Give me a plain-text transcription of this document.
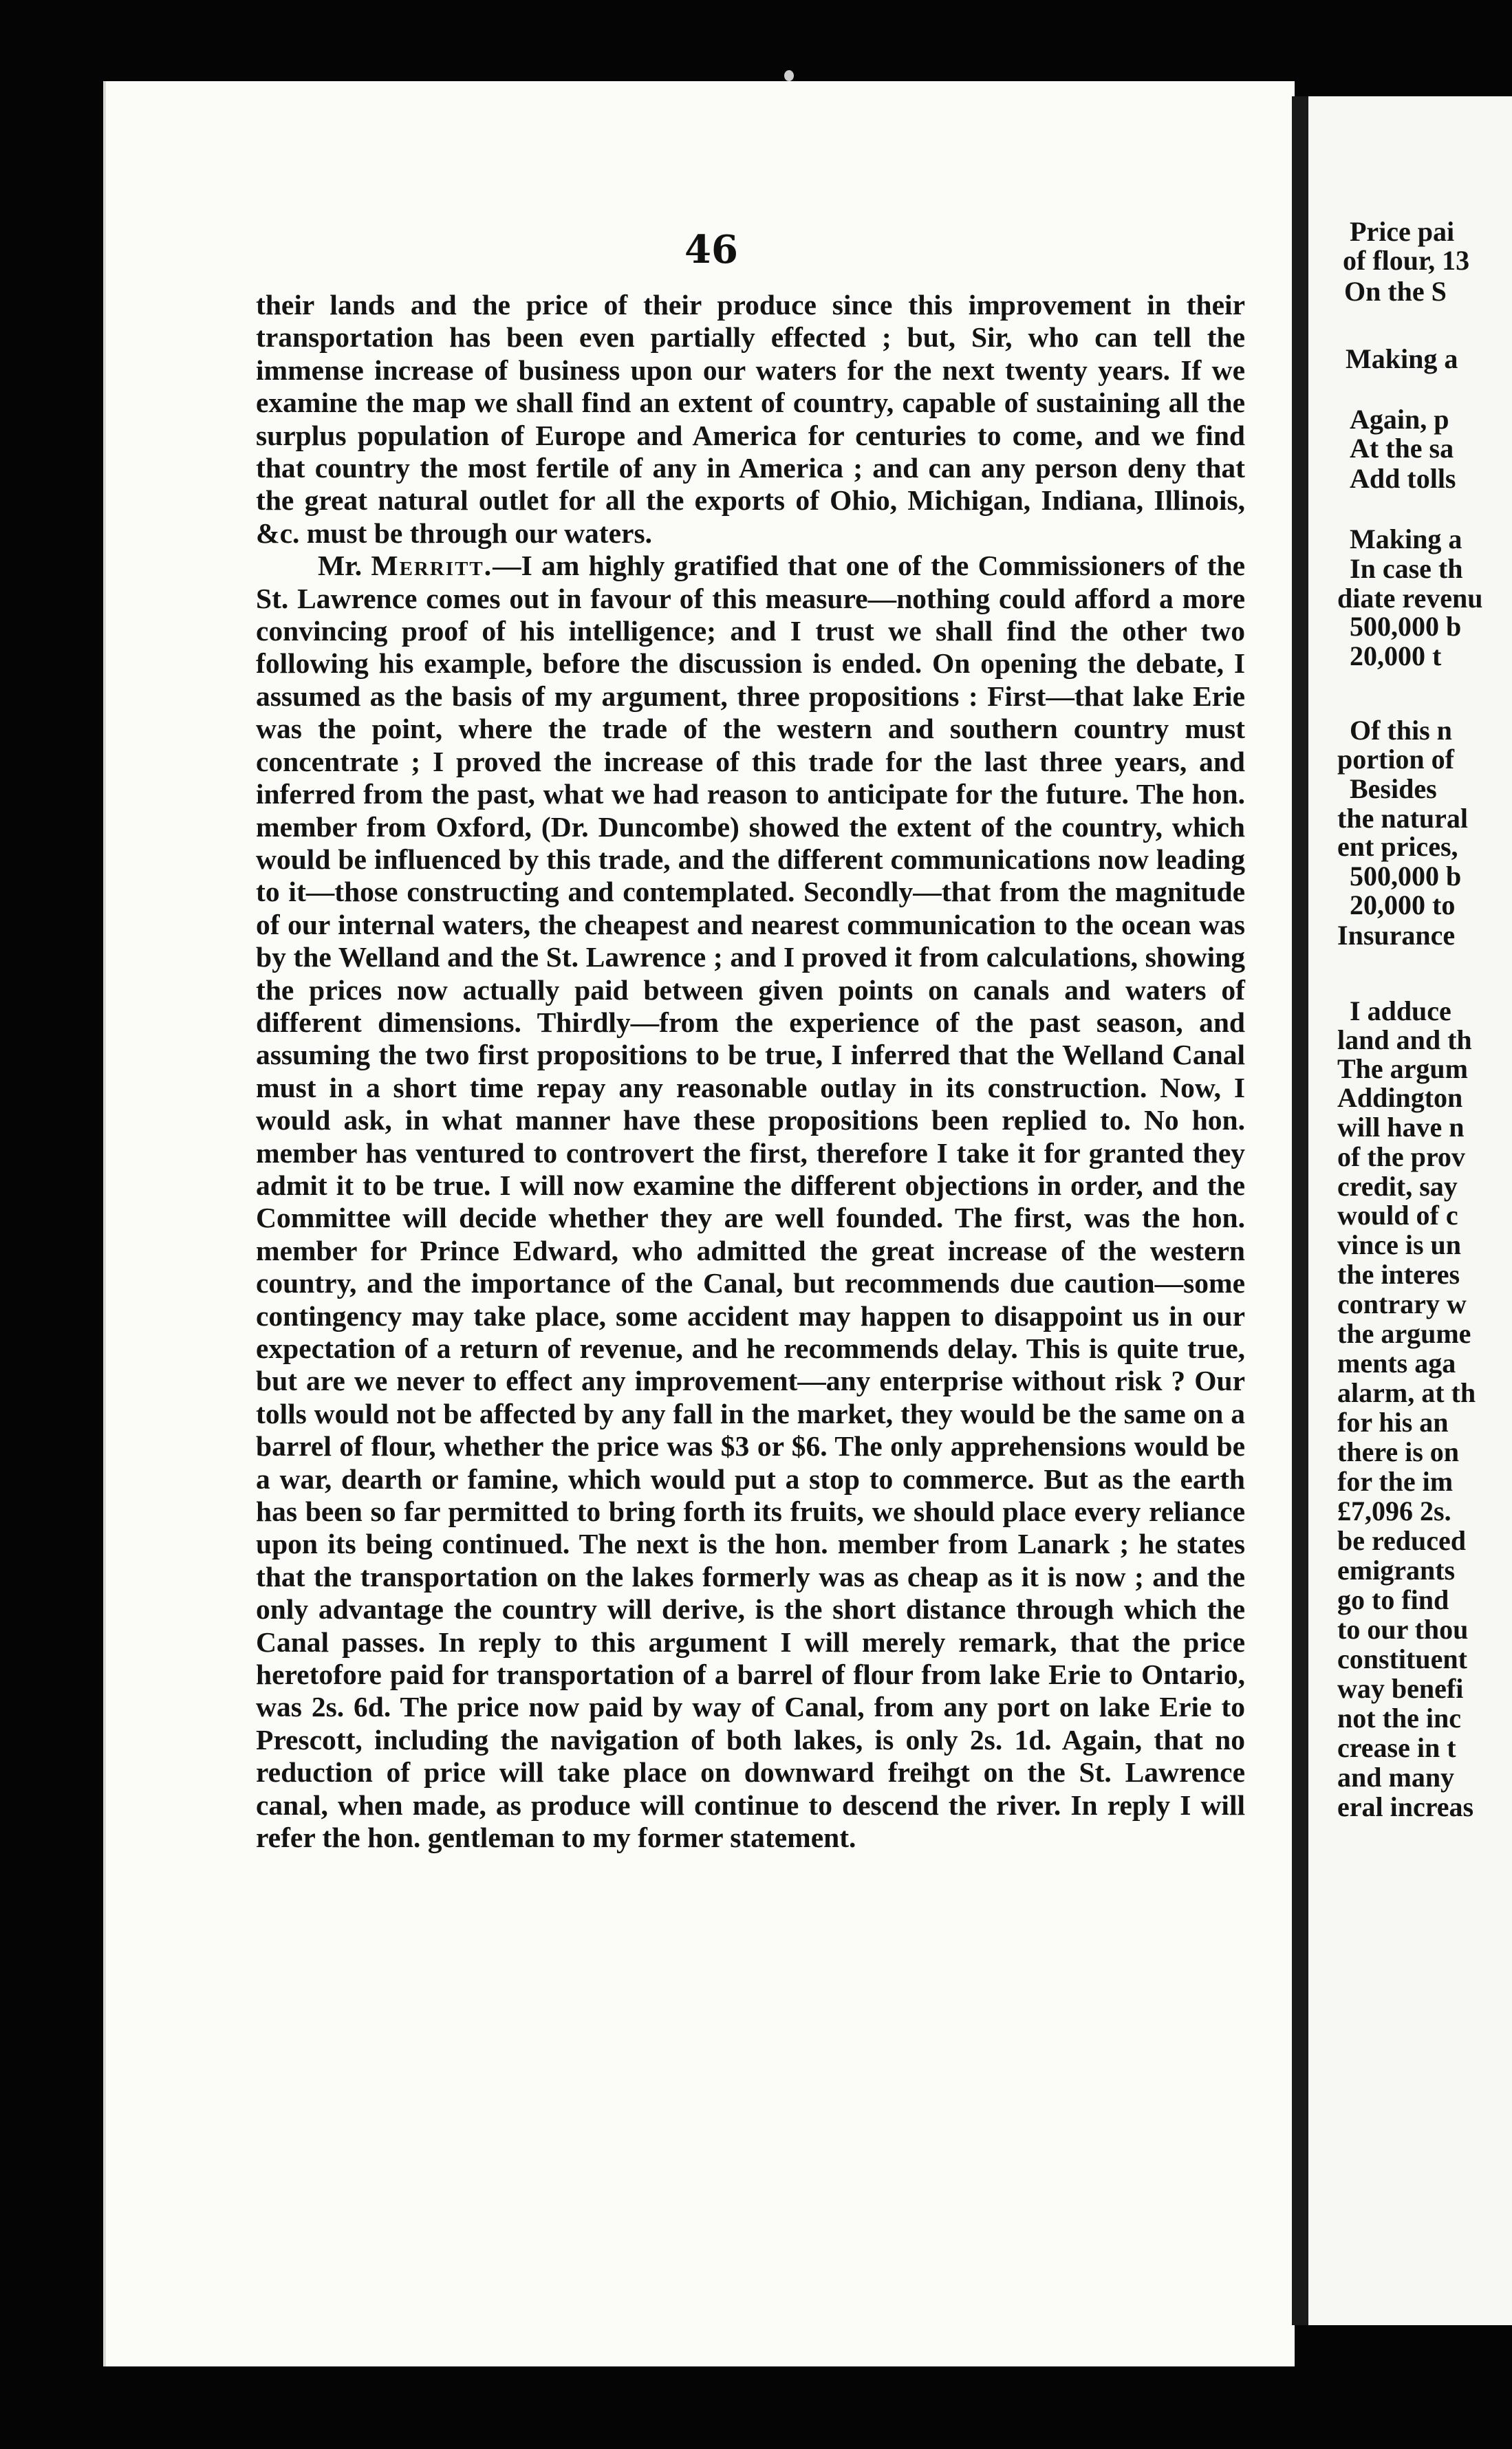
46

their lands and the price of their produce since this improvement in their transportation has been even partially effected ; but, Sir, who can tell the immense increase of business upon our waters for the next twenty years. If we examine the map we shall find an extent of country, capable of sustaining all the surplus population of Europe and America for centuries to come, and we find that country the most fertile of any in America ; and can any person deny that the great natural outlet for all the exports of Ohio, Michigan, Indiana, Illinois, &c. must be through our waters.

Mr. Merritt.—I am highly gratified that one of the Commissioners of the St. Lawrence comes out in favour of this measure—nothing could afford a more convincing proof of his intelligence; and I trust we shall find the other two following his example, before the discussion is ended. On opening the debate, I assumed as the basis of my argument, three propositions : First—that lake Erie was the point, where the trade of the western and southern country must concentrate ; I proved the increase of this trade for the last three years, and inferred from the past, what we had reason to anticipate for the future. The hon. member from Oxford, (Dr. Duncombe) showed the extent of the country, which would be influenced by this trade, and the different communications now leading to it—those constructing and contemplated. Secondly—that from the magnitude of our internal waters, the cheapest and nearest communication to the ocean was by the Welland and the St. Lawrence ; and I proved it from calculations, showing the prices now actually paid between given points on canals and waters of different dimensions. Thirdly—from the experience of the past season, and assuming the two first propositions to be true, I inferred that the Welland Canal must in a short time repay any reasonable outlay in its construction. Now, I would ask, in what manner have these propositions been replied to. No hon. member has ventured to controvert the first, therefore I take it for granted they admit it to be true. I will now examine the different objections in order, and the Committee will decide whether they are well founded. The first, was the hon. member for Prince Edward, who admitted the great increase of the western country, and the importance of the Canal, but recommends due caution—some contingency may take place, some accident may happen to disappoint us in our expectation of a return of revenue, and he recommends delay. This is quite true, but are we never to effect any improvement—any enterprise without risk ? Our tolls would not be affected by any fall in the market, they would be the same on a barrel of flour, whether the price was $3 or $6. The only apprehensions would be a war, dearth or famine, which would put a stop to commerce. But as the earth has been so far permitted to bring forth its fruits, we should place every reliance upon its being continued. The next is the hon. member from Lanark ; he states that the transportation on the lakes formerly was as cheap as it is now ; and the only advantage the country will derive, is the short distance through which the Canal passes. In reply to this argument I will merely remark, that the price heretofore paid for transportation of a barrel of flour from lake Erie to Ontario, was 2s. 6d. The price now paid by way of Canal, from any port on lake Erie to Prescott, including the navigation of both lakes, is only 2s. 1d. Again, that no reduction of price will take place on downward freihgt on the St. Lawrence canal, when made, as produce will continue to descend the river. In reply I will refer the hon. gentleman to my former statement.

Price pai
of flour, 13
On the S
Making a
Again, p
At the sa
Add tolls
Making a
In case th
diate revenu
500,000 b
20,000 t
Of this n
portion of
Besides
the natural
ent prices,
500,000 b
20,000 to
Insurance
I adduce
land and th
The argum
Addington
will have n
of the prov
credit, say
would of c
vince is un
the interes
contrary w
the argume
ments aga
alarm, at th
for his an
there is on
for the im
£7,096 2s.
be reduced
emigrants
go to find
to our thou
constituent
way benefi
not the inc
crease in t
and many
eral increas
